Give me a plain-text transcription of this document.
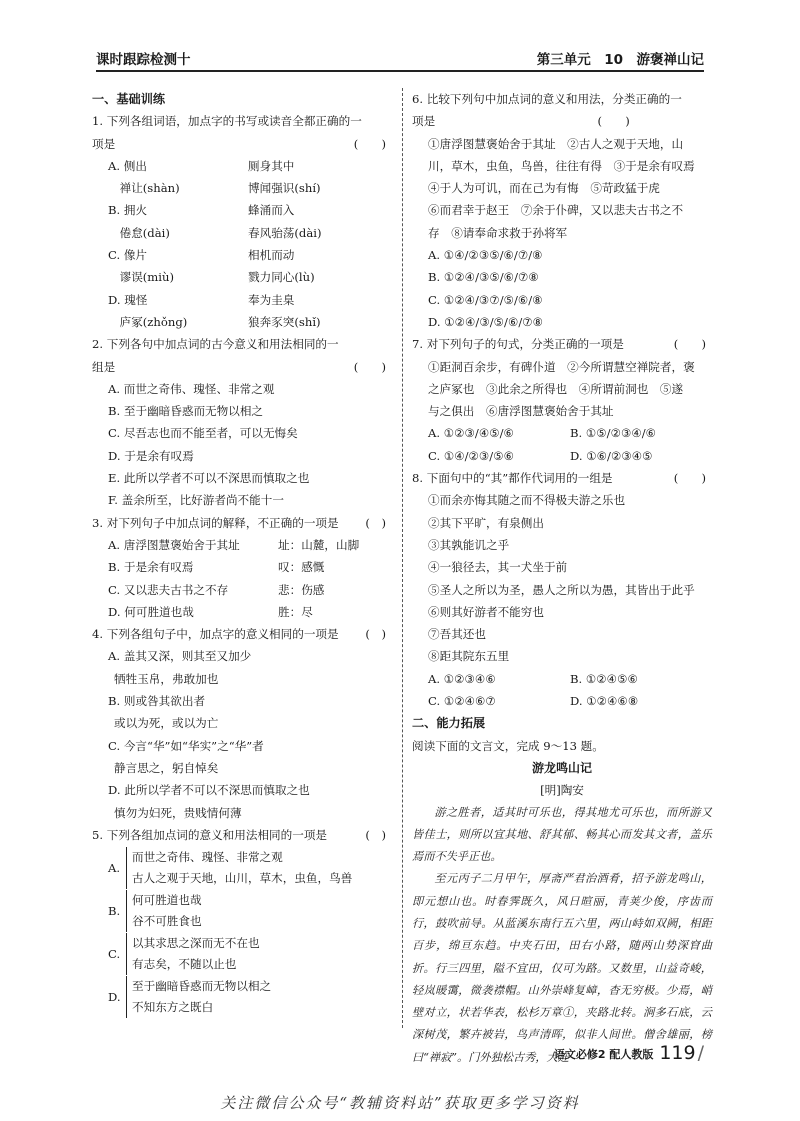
课时跟踪检测十	第三单元　10　游褒禅山记
一、基础训练
1. 下列各组词语，加点字的书写或读音全都正确的一
项是	(　　)
A. 侧出	厕身其中
　禅让(shàn)	博闻强识(shí)
B. 拥火	蜂涌而入
　倦怠(dài)	春风骀荡(dài)
C. 像片	相机而动
　谬误(miù)	戮力同心(lù)
D. 瑰怪	奉为圭臬
　庐冢(zhǒng)	狼奔豕突(shǐ)
2. 下列各句中加点词的古今意义和用法相同的一
组是	(　　)
A. 而世之奇伟、瑰怪、非常之观
B. 至于幽暗昏惑而无物以相之
C. 尽吾志也而不能至者，可以无悔矣
D. 于是余有叹焉
E. 此所以学者不可以不深思而慎取之也
F. 盖余所至，比好游者尚不能十一
3. 对下列句子中加点词的解释，不正确的一项是 (　)
A. 唐浮图慧褒始舍于其址	址：山麓，山脚
B. 于是余有叹焉	叹：感慨
C. 又以悲夫古书之不存	悲：伤感
D. 何可胜道也哉	胜：尽
4. 下列各组句子中，加点字的意义相同的一项是 (　)
A. 盖其又深，则其至又加少
牺牲玉帛，弗敢加也
B. 则或咎其欲出者
或以为死，或以为亡
C. 今言“华”如“华实”之“华”者
静言思之，躬自悼矣
D. 此所以学者不可以不深思而慎取之也
慎勿为妇死，贵贱情何薄
5. 下列各组加点词的意义和用法相同的一项是	(　)
A.
而世之奇伟、瑰怪、非常之观
古人之观于天地，山川，草木，虫鱼，鸟兽
B.
何可胜道也哉
谷不可胜食也
C.
以其求思之深而无不在也
有志矣，不随以止也
D.
至于幽暗昏惑而无物以相之
不知东方之既白
6. 比较下列句中加点词的意义和用法，分类正确的一
项是　　　　　　　　　　　　　　(　　)
①唐浮图慧褒始舍于其址　②古人之观于天地，山
川，草木，虫鱼，鸟兽，往往有得　③于是余有叹焉
④于人为可讥，而在己为有悔　⑤苛政猛于虎
⑥而君幸于赵王　⑦余于仆碑，又以悲夫古书之不
存　⑧请奉命求救于孙将军
A. ①④/②③⑤/⑥/⑦/⑧
B. ①②④/③⑤/⑥/⑦⑧
C. ①②④/③⑦/⑤/⑥/⑧
D. ①②④/③/⑤/⑥/⑦⑧
7. 对下列句子的句式，分类正确的一项是	(　　)
①距洞百余步，有碑仆道　②今所谓慧空禅院者，褒
之庐冢也　③此余之所得也　④所谓前洞也　⑤遂
与之俱出　⑥唐浮图慧褒始舍于其址
A. ①②③/④⑤/⑥	B. ①⑤/②③④/⑥
C. ①④/②③/⑤⑥	D. ①⑥/②③④⑤
8. 下面句中的“其”都作代词用的一组是	(　　)
①而余亦悔其随之而不得极夫游之乐也
②其下平旷，有泉侧出
③其孰能讥之乎
④一狼径去，其一犬坐于前
⑤圣人之所以为圣，愚人之所以为愚，其皆出于此乎
⑥则其好游者不能穷也
⑦吾其还也
⑧距其院东五里
A. ①②③④⑥	B. ①②④⑤⑥
C. ①②④⑥⑦	D. ①②④⑥⑧
二、能力拓展
阅读下面的文言文，完成 9～13 题。
游龙鸣山记
[明]陶安
游之胜者，适其时可乐也，得其地尤可乐也，而所游又皆佳士，则所以宜其地、舒其郁、畅其心而发其文者，盖乐焉而不失乎正也。
至元丙子二月甲午，厚斋严君治酒肴，招予游龙鸣山，即元想山也。时春霁既久，风日暄丽，青荚少俊，序齿而行，鼓吹前导。从蓝溪东南行五六里，两山峙如双阙，相距百步，绵亘东趋。中夹石田，田右小路，随两山势深窅曲折。行三四里，隘不宜田，仅可为路。又数里，山益奇峻，轻岚暖霭，微袭襟帽。山外崇峰复嶂，杳无穷极。少焉，峭壁对立，状若华表，松杉万章①，夹路北转。涧多石底，云深树茂，繁卉被岩，鸟声清晖，似非人间世。僧舍雄丽，榜曰“禅寂”。门外独松古秀，大连
语文必修2 配人教版 119 /
关注微信公众号“教辅资料站”获取更多学习资料
